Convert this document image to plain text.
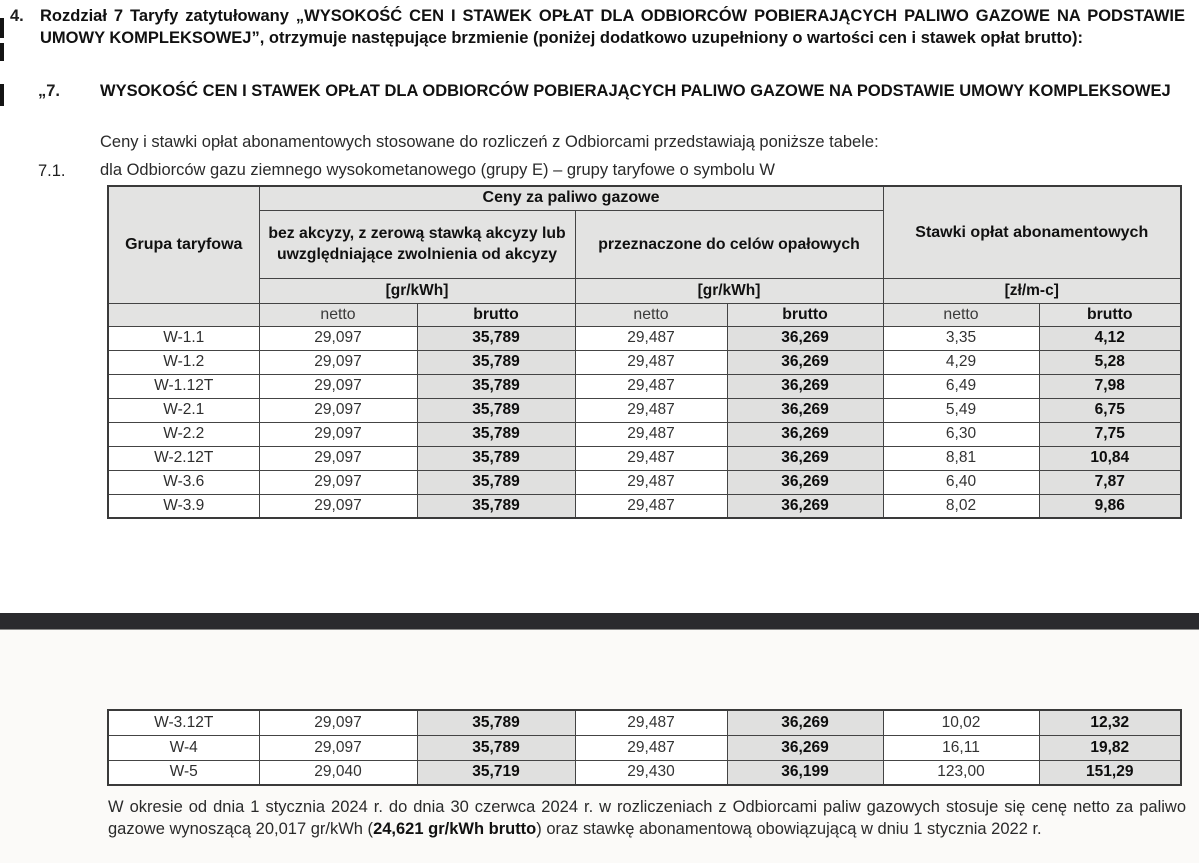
4. Rozdział 7 Taryfy zatytułowany „WYSOKOŚĆ CEN I STAWEK OPŁAT DLA ODBIORCÓW POBIERAJĄCYCH PALIWO GAZOWE NA PODSTAWIE UMOWY KOMPLEKSOWEJ”, otrzymuje następujące brzmienie (poniżej dodatkowo uzupełniony o wartości cen i stawek opłat brutto):
„7.	WYSOKOŚĆ CEN I STAWEK OPŁAT DLA ODBIORCÓW POBIERAJĄCYCH PALIWO GAZOWE NA PODSTAWIE UMOWY KOMPLEKSOWEJ
Ceny i stawki opłat abonamentowych stosowane do rozliczeń z Odbiorcami przedstawiają poniższe tabele:
7.1.	dla Odbiorców gazu ziemnego wysokometanowego (grupy E) – grupy taryfowe o symbolu W
Grupa taryfowa	Ceny za paliwo gazowe				Stawki opłat abonamentowych	
	bez akcyzy, z zerową stawką akcyzy lub uwzględniające zwolnienia od akcyzy		przeznaczone do celów opałowych			
	[gr/kWh]		[gr/kWh]		[zł/m-c]	
	netto	brutto	netto	brutto	netto	brutto
W-1.1	29,097	35,789	29,487	36,269	3,35	4,12
W-1.2	29,097	35,789	29,487	36,269	4,29	5,28
W-1.12T	29,097	35,789	29,487	36,269	6,49	7,98
W-2.1	29,097	35,789	29,487	36,269	5,49	6,75
W-2.2	29,097	35,789	29,487	36,269	6,30	7,75
W-2.12T	29,097	35,789	29,487	36,269	8,81	10,84
W-3.6	29,097	35,789	29,487	36,269	6,40	7,87
W-3.9	29,097	35,789	29,487	36,269	8,02	9,86
W-3.12T	29,097	35,789	29,487	36,269	10,02	12,32
W-4	29,097	35,789	29,487	36,269	16,11	19,82
W-5	29,040	35,719	29,430	36,199	123,00	151,29
W okresie od dnia 1 stycznia 2024 r. do dnia 30 czerwca 2024 r. w rozliczeniach z Odbiorcami paliw gazowych stosuje się cenę netto za paliwo gazowe wynoszącą 20,017 gr/kWh (24,621 gr/kWh brutto) oraz stawkę abonamentową obowiązującą w dniu 1 stycznia 2022 r.
